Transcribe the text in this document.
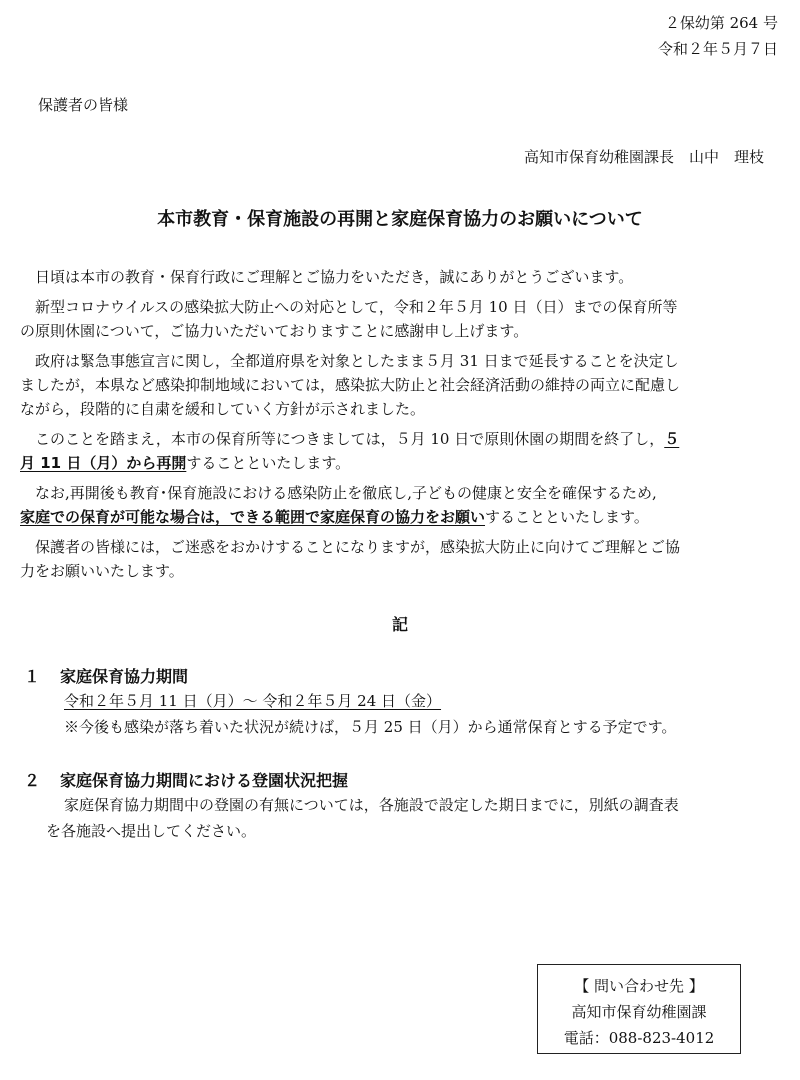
２保幼第 264 号
令和２年５月７日
保護者の皆様
高知市保育幼稚園課長　山中　理枝
本市教育・保育施設の再開と家庭保育協力のお願いについて
　日頃は本市の教育・保育行政にご理解とご協力をいただき，誠にありがとうございます。
　新型コロナウイルスの感染拡大防止への対応として，令和２年５月 10 日（日）までの保育所等
の原則休園について，ご協力いただいておりますことに感謝申し上げます。
　政府は緊急事態宣言に関し，全都道府県を対象としたまま５月 31 日まで延長することを決定し
ましたが，本県など感染抑制地域においては，感染拡大防止と社会経済活動の維持の両立に配慮し
ながら，段階的に自粛を緩和していく方針が示されました。
　このことを踏まえ，本市の保育所等につきましては，５月 10 日で原則休園の期間を終了し，５
月 11 日（月）から再開することといたします。
　なお,再開後も教育･保育施設における感染防止を徹底し,子どもの健康と安全を確保するため,
家庭での保育が可能な場合は，できる範囲で家庭保育の協力をお願いすることといたします。
　保護者の皆様には，ご迷惑をおかけすることになりますが，感染拡大防止に向けてご理解とご協
力をお願いいたします。
記
１ 家庭保育協力期間
令和２年５月 11 日（月）～ 令和２年５月 24 日（金）
※今後も感染が落ち着いた状況が続けば，５月 25 日（月）から通常保育とする予定です。
２ 家庭保育協力期間における登園状況把握
家庭保育協力期間中の登園の有無については，各施設で設定した期日までに，別紙の調査表
を各施設へ提出してください。
【 問い合わせ先 】
高知市保育幼稚園課
電話：088-823-4012
